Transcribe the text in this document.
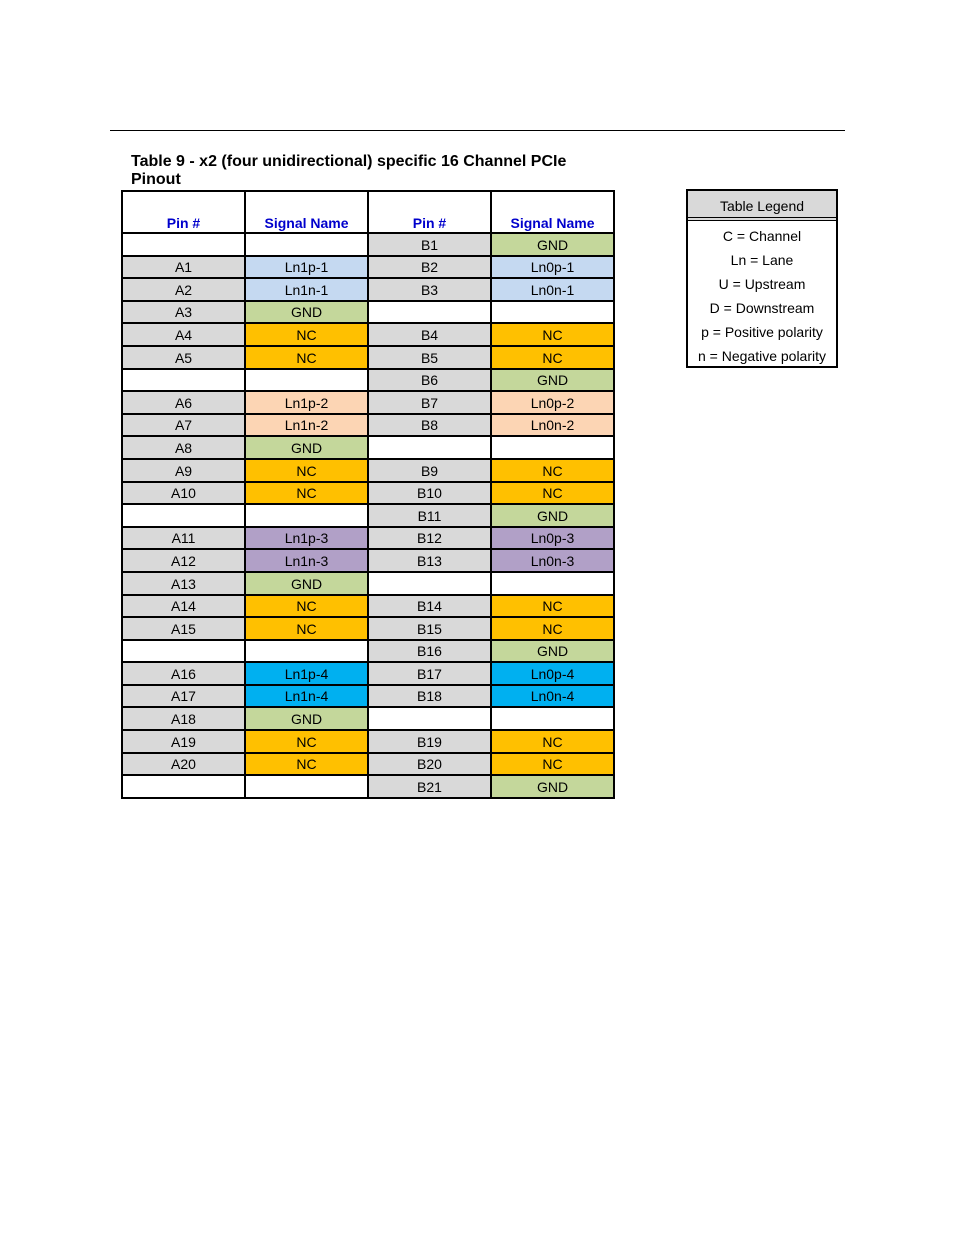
Table 9 - x2 (four unidirectional) specific 16 Channel PCIe Pinout
Pin #	Signal Name	Pin #	Signal Name
		B1	GND
A1	Ln1p-1	B2	Ln0p-1
A2	Ln1n-1	B3	Ln0n-1
A3	GND		
A4	NC	B4	NC
A5	NC	B5	NC
		B6	GND
A6	Ln1p-2	B7	Ln0p-2
A7	Ln1n-2	B8	Ln0n-2
A8	GND		
A9	NC	B9	NC
A10	NC	B10	NC
		B11	GND
A11	Ln1p-3	B12	Ln0p-3
A12	Ln1n-3	B13	Ln0n-3
A13	GND		
A14	NC	B14	NC
A15	NC	B15	NC
		B16	GND
A16	Ln1p-4	B17	Ln0p-4
A17	Ln1n-4	B18	Ln0n-4
A18	GND		
A19	NC	B19	NC
A20	NC	B20	NC
		B21	GND
Table Legend
C = Channel
Ln = Lane
U = Upstream
D = Downstream
p = Positive polarity
n = Negative polarity
